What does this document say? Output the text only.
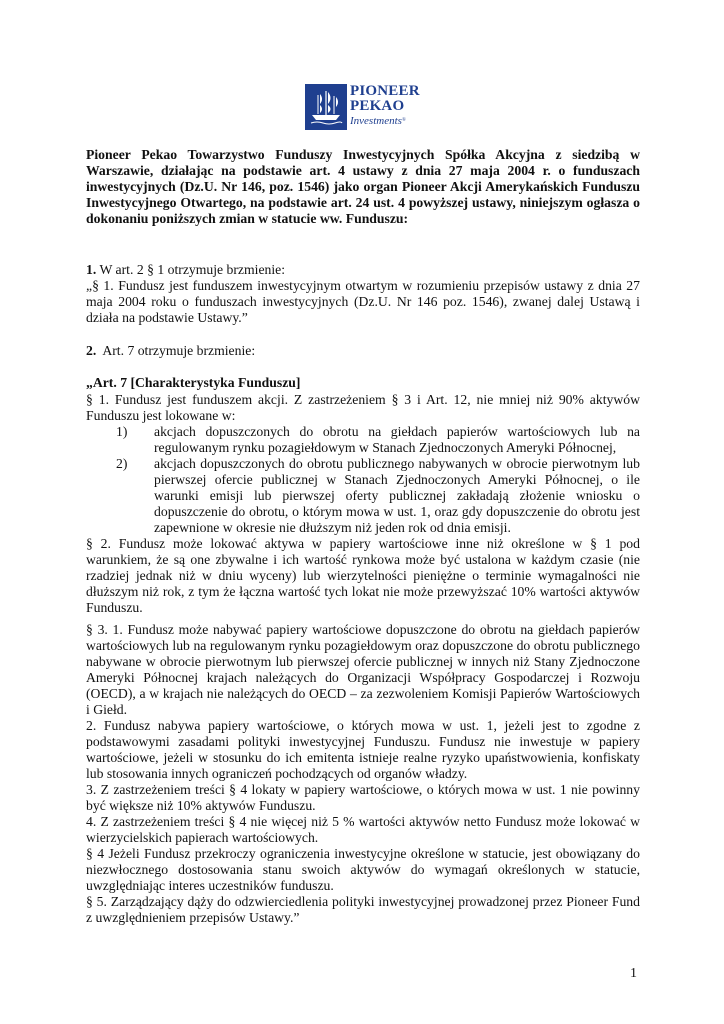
PIONEER
PEKAO
Investments®
Pioneer Pekao Towarzystwo Funduszy Inwestycyjnych Spółka Akcyjna z siedzibą w Warszawie, działając na podstawie art. 4 ustawy z dnia 27 maja 2004 r. o funduszach inwestycyjnych (Dz.U. Nr 146, poz. 1546) jako organ Pioneer Akcji Amerykańskich Funduszu Inwestycyjnego Otwartego, na podstawie art. 24 ust. 4 powyższej ustawy, niniejszym ogłasza o dokonaniu poniższych zmian w statucie ww. Funduszu:

1. W art. 2 § 1 otrzymuje brzmienie:

„§ 1. Fundusz jest funduszem inwestycyjnym otwartym w rozumieniu przepisów ustawy z dnia 27 maja 2004 roku o funduszach inwestycyjnych (Dz.U. Nr 146 poz. 1546), zwanej dalej Ustawą i działa na podstawie Ustawy.”

2.  Art. 7 otrzymuje brzmienie:
„Art. 7 [Charakterystyka Funduszu]

§ 1. Fundusz jest funduszem akcji. Z zastrzeżeniem § 3 i Art. 12, nie mniej niż 90% aktywów Funduszu jest lokowane w:

1) akcjach dopuszczonych do obrotu na giełdach papierów wartościowych lub na regulowanym rynku pozagiełdowym w Stanach Zjednoczonych Ameryki Północnej,
2) akcjach dopuszczonych do obrotu publicznego nabywanych w obrocie pierwotnym lub pierwszej ofercie publicznej w Stanach Zjednoczonych Ameryki Północnej, o ile warunki emisji lub pierwszej oferty publicznej zakładają złożenie wniosku o dopuszczenie do obrotu, o którym mowa w ust. 1, oraz gdy dopuszczenie do obrotu jest zapewnione w okresie nie dłuższym niż jeden rok od dnia emisji.

§ 2. Fundusz może lokować aktywa w papiery wartościowe inne niż określone w § 1 pod warunkiem, że są one zbywalne i ich wartość rynkowa może być ustalona w każdym czasie (nie rzadziej jednak niż w dniu wyceny) lub wierzytelności pieniężne o terminie wymagalności nie dłuższym niż rok, z tym że łączna wartość tych lokat nie może przewyższać 10% wartości aktywów Funduszu.

§ 3. 1. Fundusz może nabywać papiery wartościowe dopuszczone do obrotu na giełdach papierów wartościowych lub na regulowanym rynku pozagiełdowym oraz dopuszczone do obrotu publicznego nabywane w obrocie pierwotnym lub pierwszej ofercie publicznej w innych niż Stany Zjednoczone Ameryki Północnej krajach należących do Organizacji Współpracy Gospodarczej i Rozwoju (OECD), a w krajach nie należących do OECD – za zezwoleniem Komisji Papierów Wartościowych i Giełd.

2. Fundusz nabywa papiery wartościowe, o których mowa w ust. 1, jeżeli jest to zgodne z podstawowymi zasadami polityki inwestycyjnej Funduszu. Fundusz nie inwestuje w papiery wartościowe, jeżeli w stosunku do ich emitenta istnieje realne ryzyko upaństwowienia, konfiskaty lub stosowania innych ograniczeń pochodzących od organów władzy.

3. Z zastrzeżeniem treści § 4 lokaty w papiery wartościowe, o których mowa w ust. 1 nie powinny być większe niż 10% aktywów Funduszu.

4. Z zastrzeżeniem treści § 4 nie więcej niż 5 % wartości aktywów netto Fundusz może lokować w wierzycielskich papierach wartościowych.

§ 4 Jeżeli Fundusz przekroczy ograniczenia inwestycyjne określone w statucie, jest obowiązany do niezwłocznego dostosowania stanu swoich aktywów do wymagań określonych w statucie, uwzględniając interes uczestników funduszu.

§ 5. Zarządzający dąży do odzwierciedlenia polityki inwestycyjnej prowadzonej przez Pioneer Fund z uwzględnieniem przepisów Ustawy.”

1
